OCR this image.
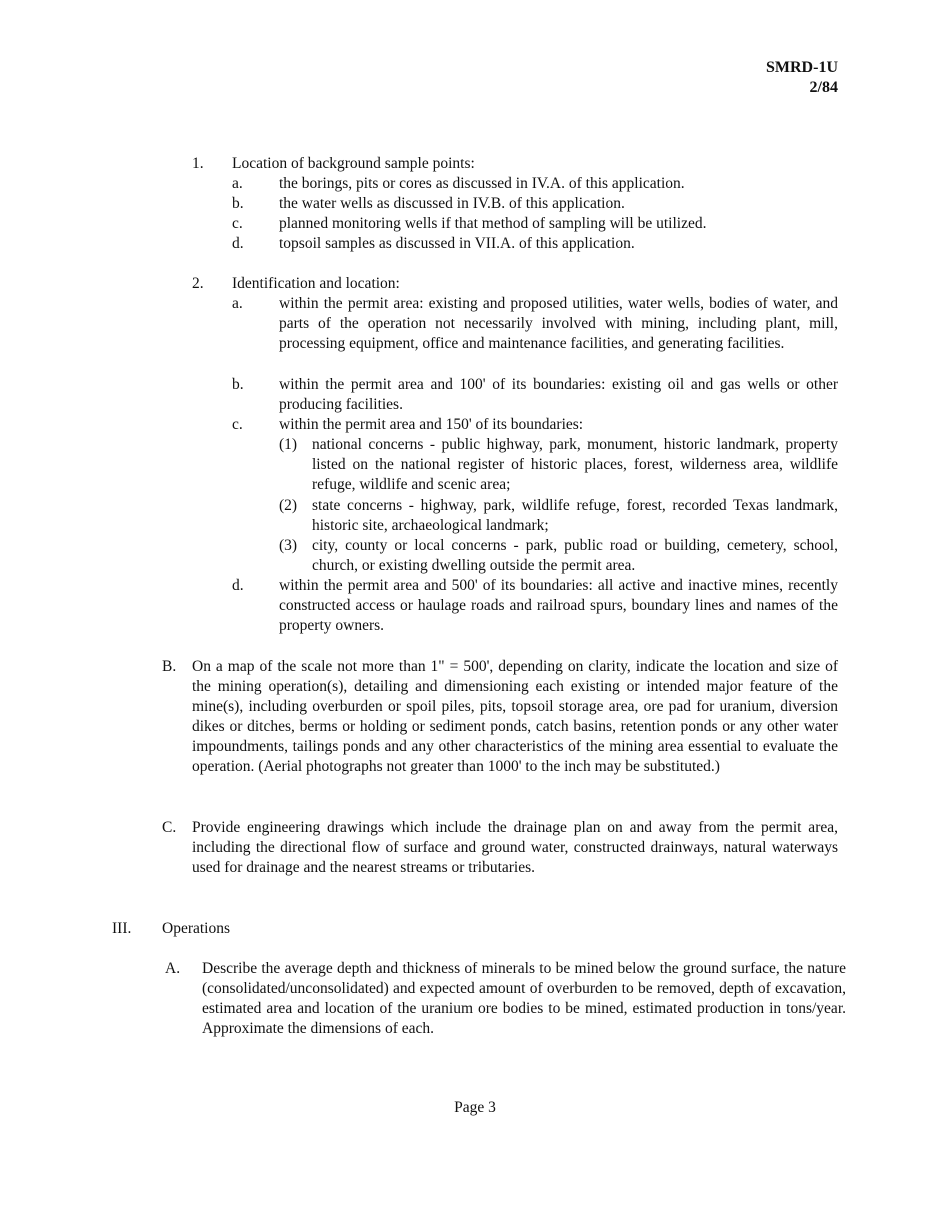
SMRD-1U
2/84
1. Location of background sample points:
a. the borings, pits or cores as discussed in IV.A. of this application.
b. the water wells as discussed in IV.B. of this application.
c. planned monitoring wells if that method of sampling will be utilized.
d. topsoil samples as discussed in VII.A. of this application.
2. Identification and location:
a. within the permit area: existing and proposed utilities, water wells, bodies of water, and parts of the operation not necessarily involved with mining, including plant, mill, processing equipment, office and maintenance facilities, and generating facilities.
b. within the permit area and 100' of its boundaries: existing oil and gas wells or other producing facilities.
c. within the permit area and 150' of its boundaries:
(1) national concerns - public highway, park, monument, historic landmark, property listed on the national register of historic places, forest, wilderness area, wildlife refuge, wildlife and scenic area;
(2) state concerns - highway, park, wildlife refuge, forest, recorded Texas landmark, historic site, archaeological landmark;
(3) city, county or local concerns - park, public road or building, cemetery, school, church, or existing dwelling outside the permit area.
d. within the permit area and 500' of its boundaries: all active and inactive mines, recently constructed access or haulage roads and railroad spurs, boundary lines and names of the property owners.
B. On a map of the scale not more than 1" = 500', depending on clarity, indicate the location and size of the mining operation(s), detailing and dimensioning each existing or intended major feature of the mine(s), including overburden or spoil piles, pits, topsoil storage area, ore pad for uranium, diversion dikes or ditches, berms or holding or sediment ponds, catch basins, retention ponds or any other water impoundments, tailings ponds and any other characteristics of the mining area essential to evaluate the operation. (Aerial photographs not greater than 1000' to the inch may be substituted.)
C. Provide engineering drawings which include the drainage plan on and away from the permit area, including the directional flow of surface and ground water, constructed drainways, natural waterways used for drainage and the nearest streams or tributaries.
III. Operations
A. Describe the average depth and thickness of minerals to be mined below the ground surface, the nature (consolidated/unconsolidated) and expected amount of overburden to be removed, depth of excavation, estimated area and location of the uranium ore bodies to be mined, estimated production in tons/year. Approximate the dimensions of each.
Page 3
